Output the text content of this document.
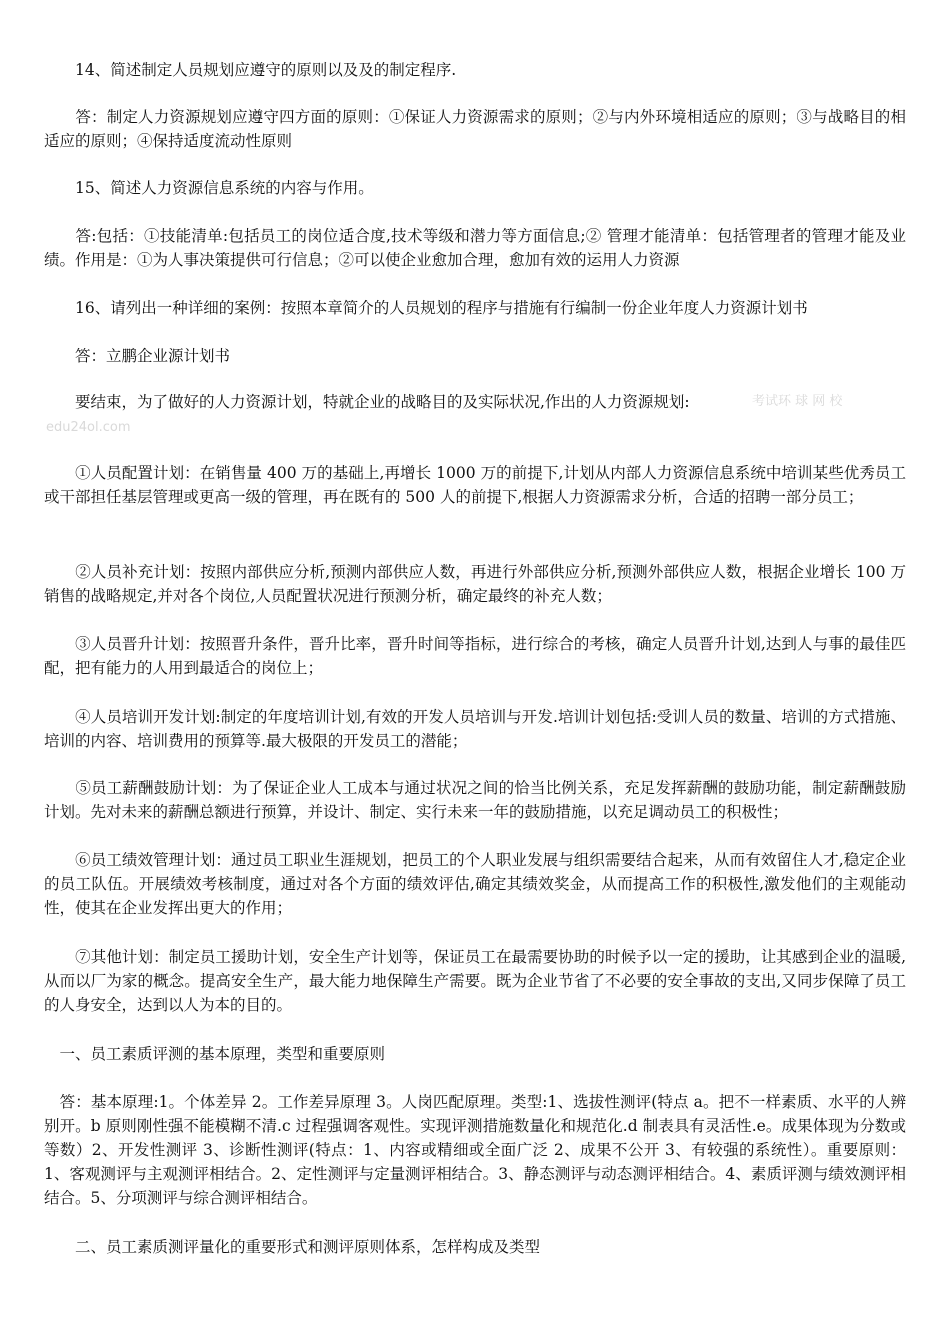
　　14、简述制定人员规划应遵守的原则以及及的制定程序.

　　答：制定人力资源规划应遵守四方面的原则：①保证人力资源需求的原则；②与内外环境相适应的原则；③与战略目的相适应的原则；④保持适度流动性原则

　　15、简述人力资源信息系统的内容与作用。

　　答:包括：①技能清单:包括员工的岗位适合度,技术等级和潜力等方面信息;② 管理才能清单：包括管理者的管理才能及业绩。作用是：①为人事决策提供可行信息；②可以使企业愈加合理，愈加有效的运用人力资源

　　16、请列出一种详细的案例：按照本章简介的人员规划的程序与措施有行编制一份企业年度人力资源计划书

　　答：立鹏企业源计划书

　　要结束，为了做好的人力资源计划，特就企业的战略目的及实际状况,作出的人力资源规划:

　　①人员配置计划：在销售量 400 万的基础上,再增长 1000 万的前提下,计划从内部人力资源信息系统中培训某些优秀员工或干部担任基层管理或更高一级的管理，再在既有的 500 人的前提下,根据人力资源需求分析，合适的招聘一部分员工；

　　②人员补充计划：按照内部供应分析,预测内部供应人数，再进行外部供应分析,预测外部供应人数，根据企业增长 100 万销售的战略规定,并对各个岗位,人员配置状况进行预测分析，确定最终的补充人数；

　　③人员晋升计划：按照晋升条件，晋升比率，晋升时间等指标，进行综合的考核，确定人员晋升计划,达到人与事的最佳匹配，把有能力的人用到最适合的岗位上；

　　④人员培训开发计划:制定的年度培训计划,有效的开发人员培训与开发.培训计划包括:受训人员的数量、培训的方式措施、培训的内容、培训费用的预算等.最大极限的开发员工的潜能；

　　⑤员工薪酬鼓励计划：为了保证企业人工成本与通过状况之间的恰当比例关系，充足发挥薪酬的鼓励功能，制定薪酬鼓励计划。先对未来的薪酬总额进行预算，并设计、制定、实行未来一年的鼓励措施，以充足调动员工的积极性；

　　⑥员工绩效管理计划：通过员工职业生涯规划，把员工的个人职业发展与组织需要结合起来，从而有效留住人才,稳定企业的员工队伍。开展绩效考核制度，通过对各个方面的绩效评估,确定其绩效奖金，从而提高工作的积极性,激发他们的主观能动性，使其在企业发挥出更大的作用；

　　⑦其他计划：制定员工援助计划，安全生产计划等，保证员工在最需要协助的时候予以一定的援助，让其感到企业的温暖,从而以厂为家的概念。提高安全生产，最大能力地保障生产需要。既为企业节省了不必要的安全事故的支出,又同步保障了员工的人身安全，达到以人为本的目的。

　一、员工素质评测的基本原理，类型和重要原则

　答：基本原理:1。个体差异 2。工作差异原理 3。人岗匹配原理。类型:1、选拔性测评(特点 a。把不一样素质、水平的人辨别开。b 原则刚性强不能模糊不清.c 过程强调客观性。实现评测措施数量化和规范化.d 制表具有灵活性.e。成果体现为分数或等数）2、开发性测评 3、诊断性测评(特点：1、内容或精细或全面广泛 2、成果不公开 3、有较强的系统性）。重要原则：1、客观测评与主观测评相结合。2、定性测评与定量测评相结合。3、静态测评与动态测评相结合。4、素质评测与绩效测评相结合。5、分项测评与综合测评相结合。

　　二、员工素质测评量化的重要形式和测评原则体系，怎样构成及类型

考试环 球 网 校
edu24ol.com
